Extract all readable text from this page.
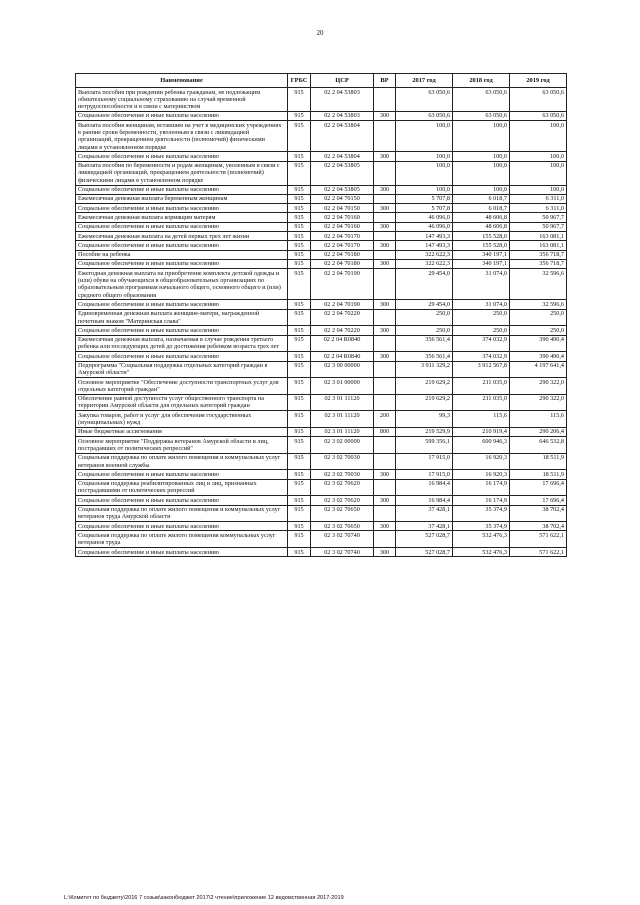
20
Наименование	ГРБС	ЦСР	ВР	2017 год	2018 год	2019 год
Выплата пособия при рождении ребенка гражданам, не подлежащим обязательному социальному страхованию на случай временной нетрудоспособности и в связи с материнством	915	02 2 04 53803		63 050,6	63 050,6	63 050,6
Социальное обеспечение и иные выплаты населению	915	02 2 04 53803	300	63 050,6	63 050,6	63 050,6
Выплата пособия женщинам, вставшим на учет в медицинских учреждениях в ранние сроки беременности, уволенным в связи с ликвидацией организаций, прекращением деятельности (полномочий) физическими лицами в установленном порядке	915	02 2 04 53804		100,0	100,0	100,0
Социальное обеспечение и иные выплаты населению	915	02 2 04 53804	300	100,0	100,0	100,0
Выплата пособия по беременности и родам женщинам, уволенным в связи с ликвидацией организаций, прекращением деятельности (полномочий) физическими лицами в установленном порядке	915	02 2 04 53805		100,0	100,0	100,0
Социальное обеспечение и иные выплаты населению	915	02 2 04 53805	300	100,0	100,0	100,0
Ежемесячная денежная выплата беременным женщинам	915	02 2 04 70150		5 707,8	6 018,7	6 311,0
Социальное обеспечение и иные выплаты населению	915	02 2 04 70150	300	5 707,8	6 018,7	6 311,0
Ежемесячная денежная выплата кормящим матерям	915	02 2 04 70160		46 096,0	48 606,8	50 967,7
Социальное обеспечение и иные выплаты населению	915	02 2 04 70160	300	46 096,0	48 606,8	50 967,7
Ежемесячная денежная выплата на детей первых трех лет жизни	915	02 2 04 70170		147 493,3	155 528,0	163 081,1
Социальное обеспечение и иные выплаты населению	915	02 2 04 70170	300	147 493,3	155 528,0	163 081,1
Пособие на ребенка	915	02 2 04 70180		322 622,3	340 197,1	356 718,7
Социальное обеспечение и иные выплаты населению	915	02 2 04 70180	300	322 622,3	340 197,1	356 718,7
Ежегодная денежная выплата на приобретение комплекта детской одежды и (или) обуви на обучающихся в общеобразовательных организациях по образовательным программам начального общего, основного общего и (или) среднего общего образования	915	02 2 04 70190		29 454,0	31 074,0	32 596,6
Социальное обеспечение и иные выплаты населению	915	02 2 04 70190	300	29 454,0	31 074,0	32 596,6
Единовременная денежная выплата женщине-матери, награжденной почетным знаком "Материнская слава"	915	02 2 04 70220		250,0	250,0	250,0
Социальное обеспечение и иные выплаты населению	915	02 2 04 70220	300	250,0	250,0	250,0
Ежемесячная денежная выплата, назначаемая в случае рождения третьего ребенка или последующих детей до достижения ребенком возраста трех лет	915	02 2 04 R0840		356 561,4	374 032,9	390 490,4
Социальное обеспечение и иные выплаты населению	915	02 2 04 R0840	300	356 561,4	374 032,9	390 490,4
Подпрограмма "Социальная поддержка отдельных категорий граждан в Амурской области"	915	02 3 00 00000		3 911 329,2	3 912 567,8	4 197 641,4
Основное мероприятие "Обеспечение доступности транспортных услуг для отдельных категорий граждан"	915	02 3 01 00000		219 629,2	211 035,0	290 322,0
Обеспечение равной доступности услуг общественного транспорта на территории Амурской области для отдельных категорий граждан	915	02 3 01 11120		219 629,2	211 035,0	290 322,0
Закупка товаров, работ и услуг для обеспечения государственных (муниципальных) нужд	915	02 3 01 11120	200	99,3	115,6	115,6
Иные бюджетные ассигнования	915	02 3 01 11120	800	219 529,9	210 919,4	290 206,4
Основное мероприятие "Поддержка ветеранов Амурской области и лиц, пострадавших от политических репрессий"	915	02 3 02 00000		599 356,1	600 946,3	646 532,8
Социальная поддержка по оплате жилого помещения и коммунальных услуг ветеранов военной службы	915	02 3 02 70030		17 915,0	16 920,3	18 511,9
Социальное обеспечение и иные выплаты населению	915	02 3 02 70030	300	17 915,0	16 920,3	18 511,9
Социальная поддержка реабилитированных лиц и лиц, признанных пострадавшими от политических репрессий	915	02 3 02 70620		16 984,4	16 174,9	17 696,4
Социальное обеспечение и иные выплаты населению	915	02 3 02 70620	300	16 984,4	16 174,9	17 696,4
Социальная поддержка по оплате жилого помещения и коммунальных услуг ветеранов труда Амурской области	915	02 3 02 70650		37 428,1	35 374,9	38 702,4
Социальное обеспечение и иные выплаты населению	915	02 3 02 70650	300	37 428,1	35 374,9	38 702,4
Социальная поддержка по оплате жилого помещения коммунальных услуг ветеранов труда	915	02 3 02 70740		527 028,7	532 476,3	571 622,1
Социальное обеспечение и иные выплаты населению	915	02 3 02 70740	300	527 028,7	532 476,3	571 622,1
L:\Комитет по бюджету\2016 7 созыв\законбюджет 2017\2 чтение\приложение 12 ведомственная 2017-2019
